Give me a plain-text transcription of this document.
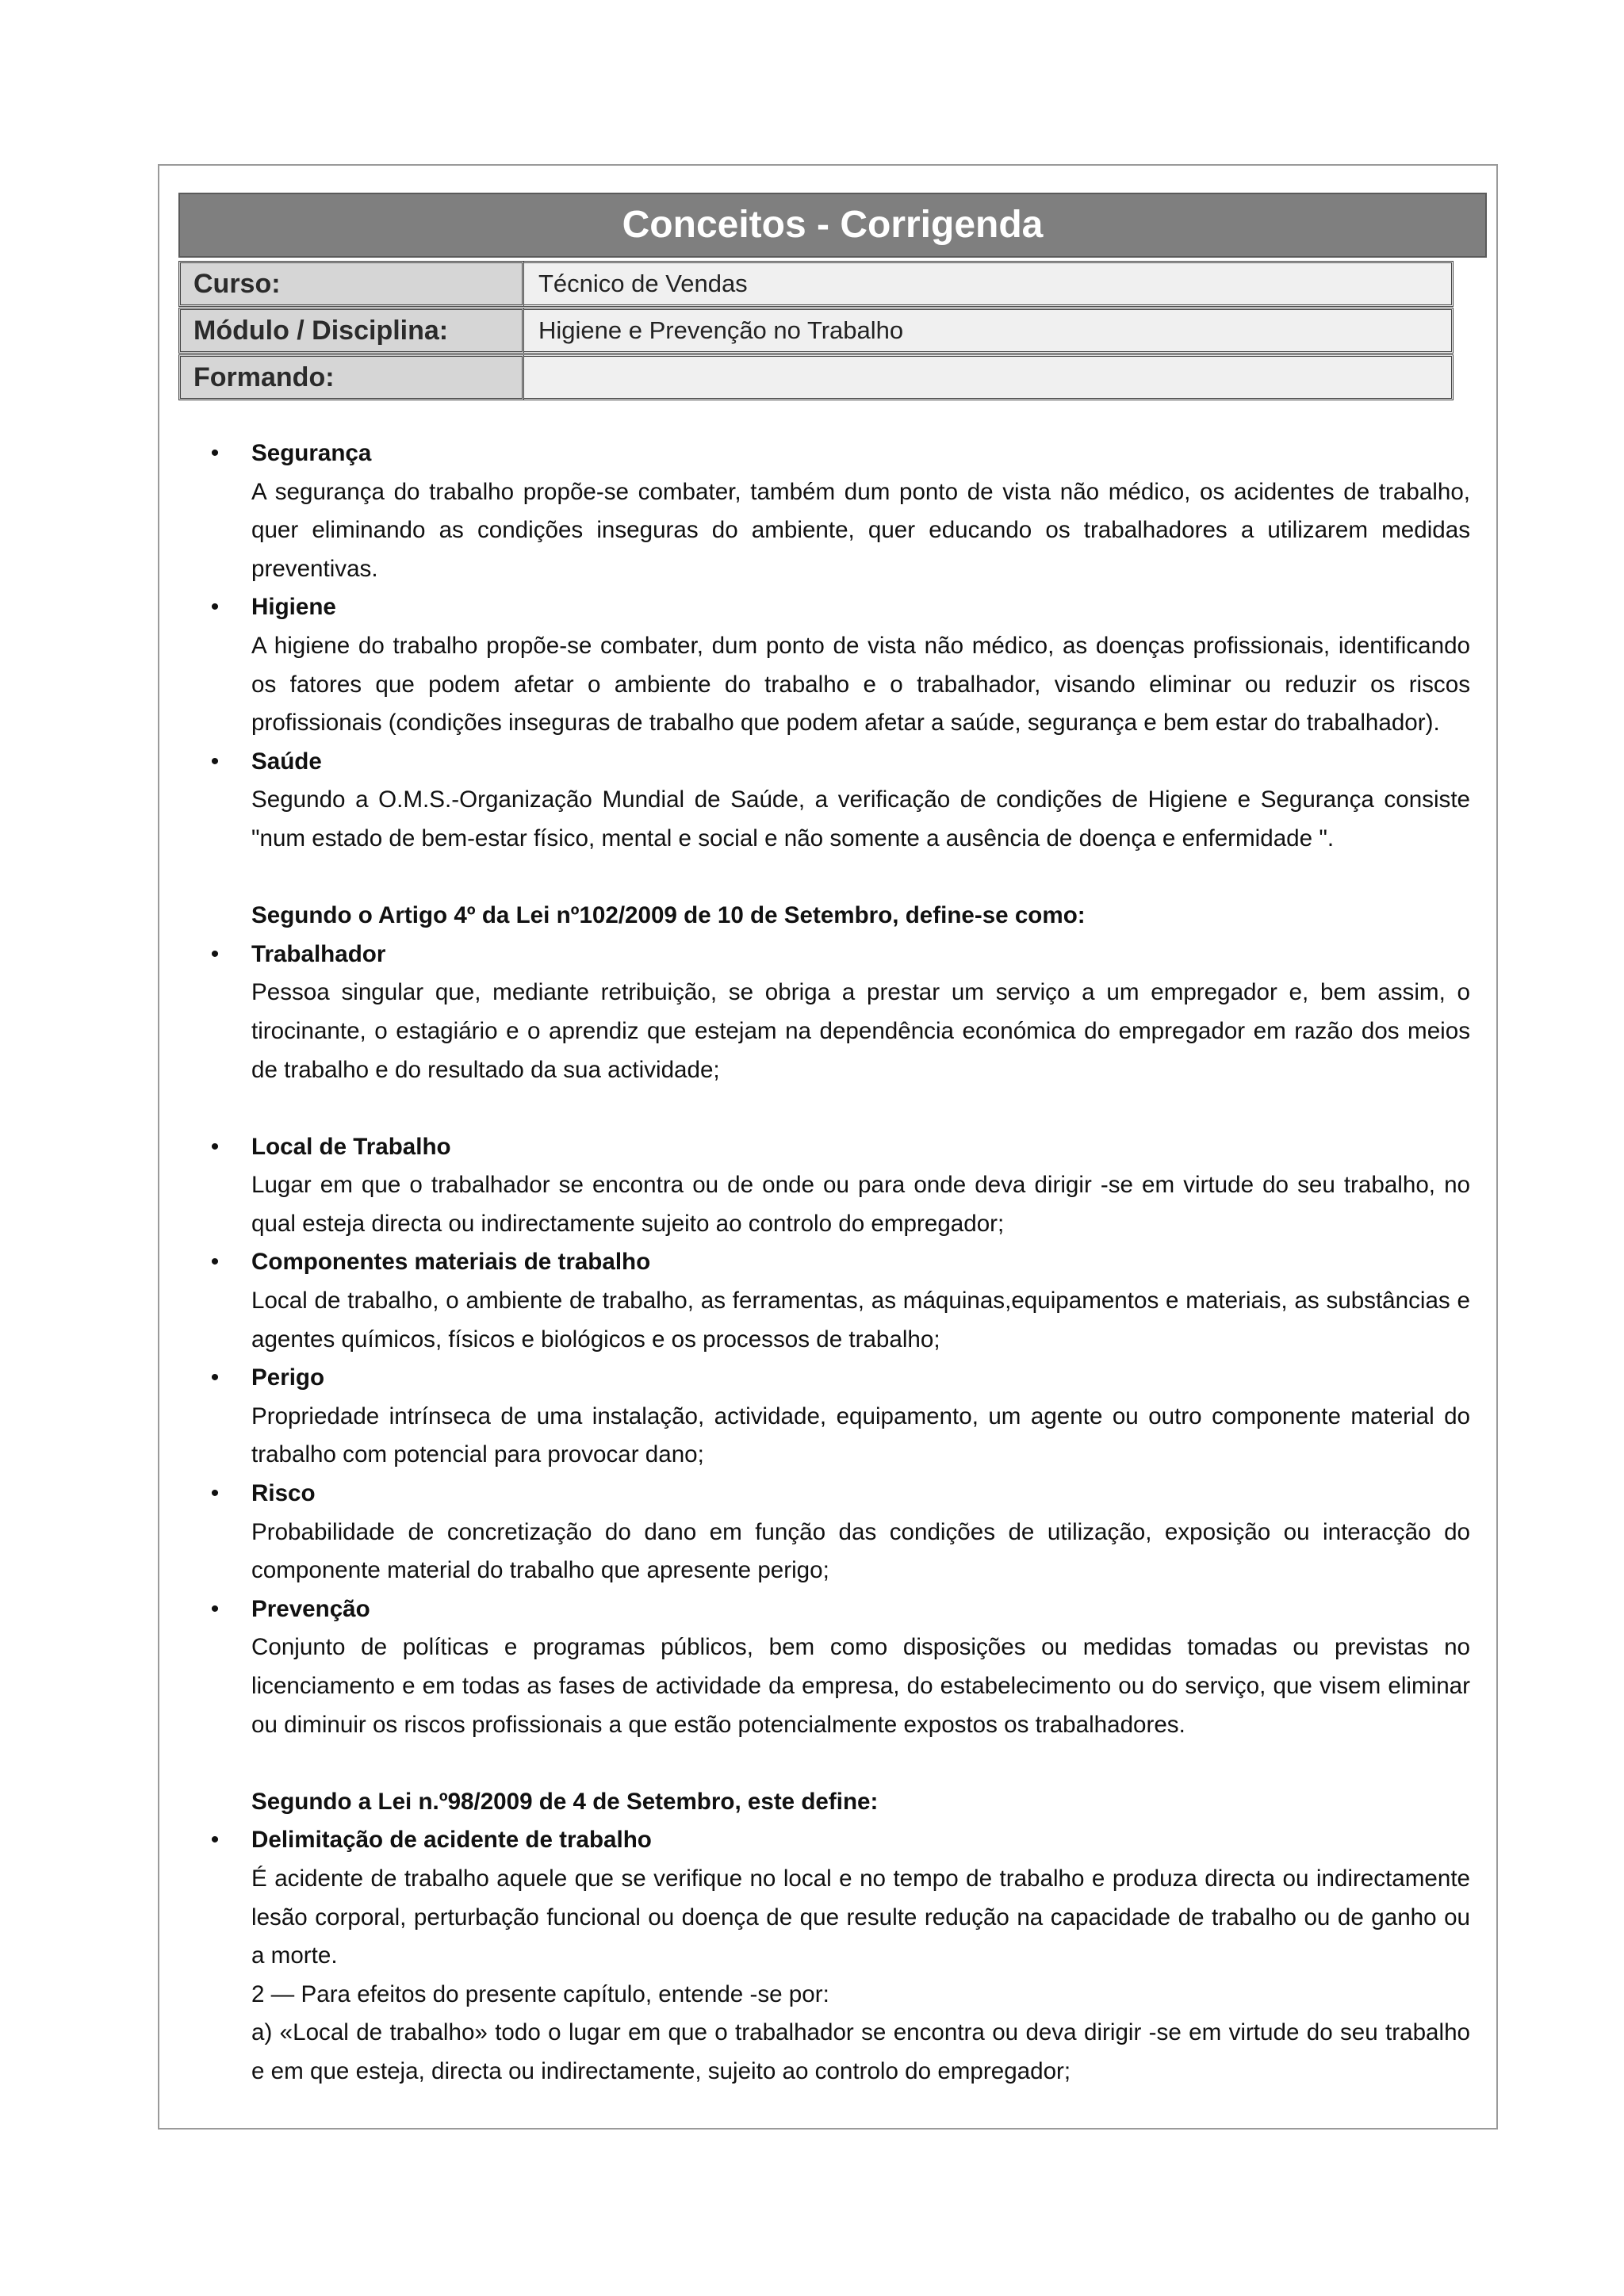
Conceitos - Corrigenda
Curso:	Técnico de Vendas
Módulo / Disciplina:	Higiene e Prevenção no Trabalho
Formando:
• Segurança

A segurança do trabalho propõe-se combater, também dum ponto de vista não médico, os acidentes de trabalho, quer eliminando as condições inseguras do ambiente, quer educando os trabalhadores a utilizarem medidas preventivas.

• Higiene

A higiene do trabalho propõe-se combater, dum ponto de vista não médico, as doenças profissionais, identificando os fatores que podem afetar o ambiente do trabalho e o trabalhador, visando eliminar ou reduzir os riscos profissionais (condições inseguras de trabalho que podem afetar a saúde, segurança e bem estar do trabalhador).

• Saúde

Segundo a O.M.S.-Organização Mundial de Saúde, a verificação de condições de Higiene e Segurança consiste "num estado de bem-estar físico, mental e social e não somente a ausência de doença e enfermidade ".

Segundo o Artigo 4º da Lei nº102/2009 de 10 de Setembro, define-se como:

• Trabalhador

Pessoa singular que, mediante retribuição, se obriga a prestar um serviço a um empregador e, bem assim, o tirocinante, o estagiário e o aprendiz que estejam na dependência económica do empregador em razão dos meios de trabalho e do resultado da sua actividade;

• Local de Trabalho

Lugar em que o trabalhador se encontra ou de onde ou para onde deva dirigir -se em virtude do seu trabalho, no qual esteja directa ou indirectamente sujeito ao controlo do empregador;

• Componentes materiais de trabalho

Local de trabalho, o ambiente de trabalho, as ferramentas, as máquinas,equipamentos e materiais, as substâncias e agentes químicos, físicos e biológicos e os processos de trabalho;

• Perigo

Propriedade intrínseca de uma instalação, actividade, equipamento, um agente ou outro componente material do trabalho com potencial para provocar dano;

• Risco

Probabilidade de concretização do dano em função das condições de utilização, exposição ou interacção do componente material do trabalho que apresente perigo;

• Prevenção

Conjunto de políticas e programas públicos, bem como disposições ou medidas tomadas ou previstas no licenciamento e em todas as fases de actividade da empresa, do estabelecimento ou do serviço, que visem eliminar ou diminuir os riscos profissionais a que estão potencialmente expostos os trabalhadores.

Segundo a Lei n.º98/2009 de 4 de Setembro, este define:

• Delimitação de acidente de trabalho

É acidente de trabalho aquele que se verifique no local e no tempo de trabalho e produza directa ou indirectamente lesão corporal, perturbação funcional ou doença de que resulte redução na capacidade de trabalho ou de ganho ou a morte.

2 — Para efeitos do presente capítulo, entende -se por:

a) «Local de trabalho» todo o lugar em que o trabalhador se encontra ou deva dirigir -se em virtude do seu trabalho e em que esteja, directa ou indirectamente, sujeito ao controlo do empregador;
